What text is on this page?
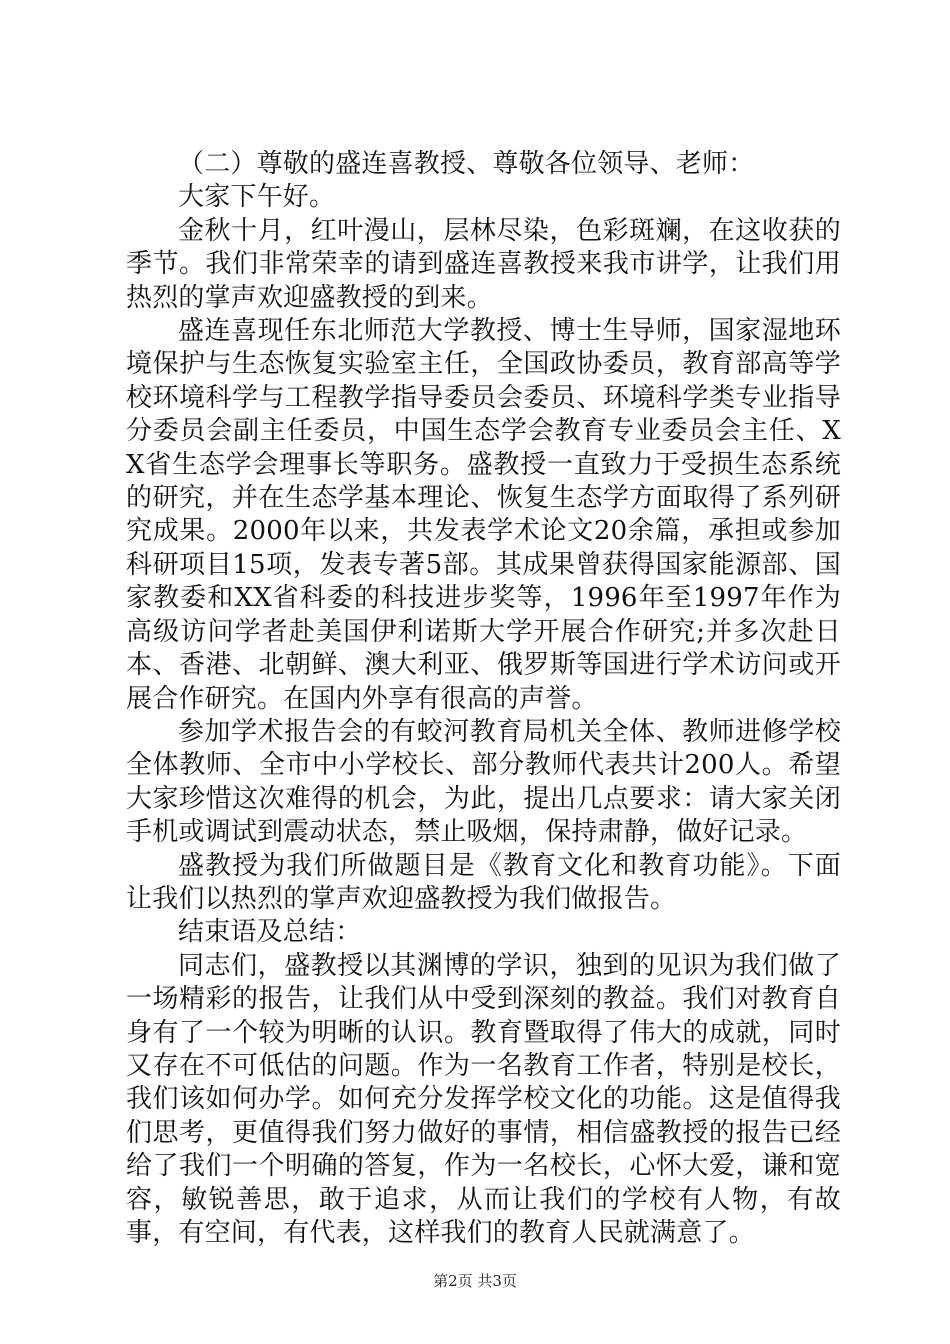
（二）尊敬的盛连喜教授、尊敬各位领导、老师：

大家下午好。

金秋十月，红叶漫山，层林尽染，色彩斑斓，在这收获的季节。我们非常荣幸的请到盛连喜教授来我市讲学，让我们用热烈的掌声欢迎盛教授的到来。

盛连喜现任东北师范大学教授、博士生导师，国家湿地环境保护与生态恢复实验室主任，全国政协委员，教育部高等学校环境科学与工程教学指导委员会委员、环境科学类专业指导分委员会副主任委员，中国生态学会教育专业委员会主任、XX省生态学会理事长等职务。盛教授一直致力于受损生态系统的研究，并在生态学基本理论、恢复生态学方面取得了系列研究成果。2000年以来，共发表学术论文20余篇，承担或参加科研项目15项，发表专著5部。其成果曾获得国家能源部、国家教委和XX省科委的科技进步奖等，1996年至1997年作为高级访问学者赴美国伊利诺斯大学开展合作研究;并多次赴日本、香港、北朝鲜、澳大利亚、俄罗斯等国进行学术访问或开展合作研究。在国内外享有很高的声誉。

参加学术报告会的有蛟河教育局机关全体、教师进修学校全体教师、全市中小学校长、部分教师代表共计200人。希望大家珍惜这次难得的机会，为此，提出几点要求：请大家关闭手机或调试到震动状态，禁止吸烟，保持肃静，做好记录。

盛教授为我们所做题目是《教育文化和教育功能》。下面让我们以热烈的掌声欢迎盛教授为我们做报告。

结束语及总结：

同志们，盛教授以其渊博的学识，独到的见识为我们做了一场精彩的报告，让我们从中受到深刻的教益。我们对教育自身有了一个较为明晰的认识。教育暨取得了伟大的成就，同时又存在不可低估的问题。作为一名教育工作者，特别是校长，我们该如何办学。如何充分发挥学校文化的功能。这是值得我们思考，更值得我们努力做好的事情，相信盛教授的报告已经给了我们一个明确的答复，作为一名校长，心怀大爱，谦和宽容，敏锐善思，敢于追求，从而让我们的学校有人物，有故事，有空间，有代表，这样我们的教育人民就满意了。

第2页 共3页
